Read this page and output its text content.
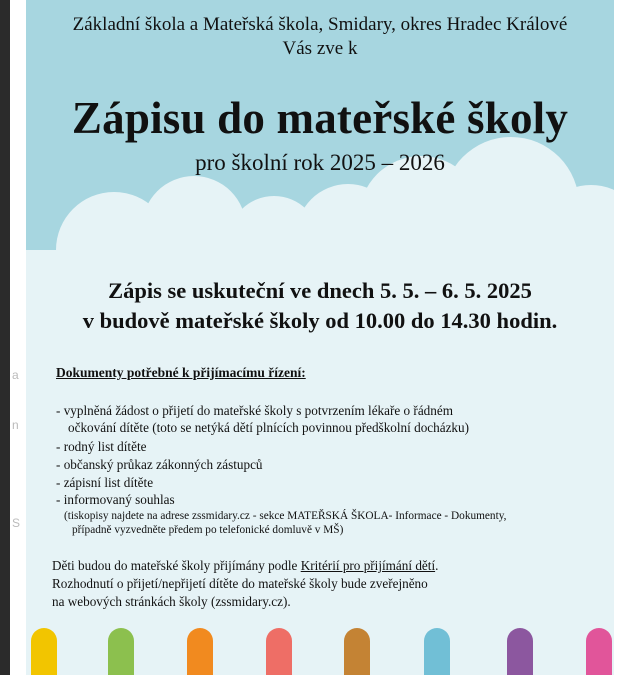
a
n
S
Základní škola a Mateřská škola, Smidary, okres Hradec Králové
Vás zve k
Zápisu do mateřské školy
pro školní rok 2025 – 2026
Zápis se uskuteční ve dnech 5. 5. – 6. 5. 2025
v budově mateřské školy od 10.00 do 14.30 hodin.
Dokumenty potřebné k přijímacímu řízení:
- vyplněná žádost o přijetí do mateřské školy s potvrzením lékaře o řádném
očkování dítěte (toto se netýká dětí plnících povinnou předškolní docházku)
- rodný list dítěte
- občanský průkaz zákonných zástupců
- zápisní list dítěte
- informovaný souhlas
(tiskopisy najdete na adrese zssmidary.cz - sekce MATEŘSKÁ ŠKOLA- Informace - Dokumenty,
případně vyzvedněte předem po telefonické domluvě v MŠ)
Děti budou do mateřské školy přijímány podle Kritérií pro přijímání dětí.
Rozhodnutí o přijetí/nepřijetí dítěte do mateřské školy bude zveřejněno
na webových stránkách školy (zssmidary.cz).
